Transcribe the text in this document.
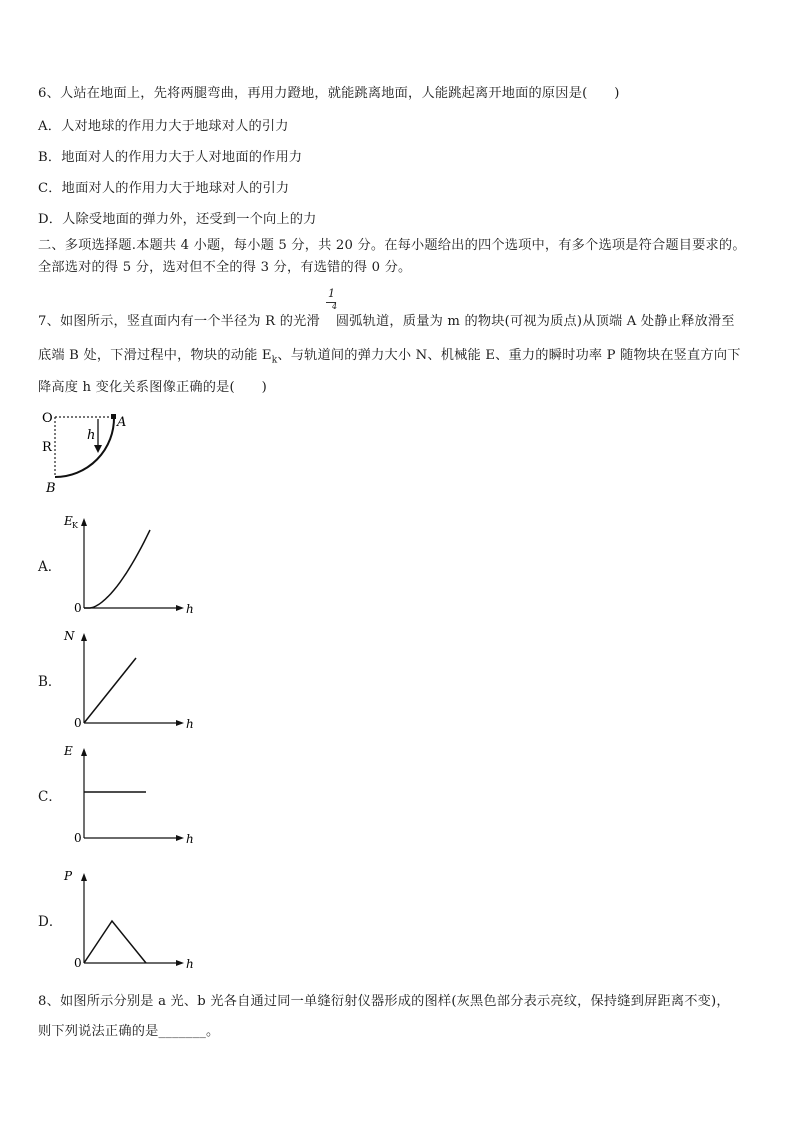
6、人站在地面上，先将两腿弯曲，再用力蹬地，就能跳离地面，人能跳起离开地面的原因是(　　)
A．人对地球的作用力大于地球对人的引力
B．地面对人的作用力大于人对地面的作用力
C．地面对人的作用力大于地球对人的引力
D．人除受地面的弹力外，还受到一个向上的力
二、多项选择题.本题共 4 小题，每小题 5 分，共 20 分。在每小题给出的四个选项中，有多个选项是符合题目要求的。
全部选对的得 5 分，选对但不全的得 3 分，有选错的得 0 分。
1
4
7、如图所示，竖直面内有一个半径为 R 的光滑 圆弧轨道，质量为 m 的物块(可视为质点)从顶端 A 处静止释放滑至
底端 B 处，下滑过程中，物块的动能 $E_k$、与轨道间的弹力大小 N、机械能 E、重力的瞬时功率 P 随物块在竖直方向下
降高度 h 变化关系图像正确的是(　　)
O
R
h
A
B
A．
E K
h
0
B．
N
h
0
C．
E
h
0
D．
P
h
0
8、如图所示分别是 a 光、b 光各自通过同一单缝衍射仪器形成的图样(灰黑色部分表示亮纹，保持缝到屏距离不变)，
则下列说法正确的是_______。
